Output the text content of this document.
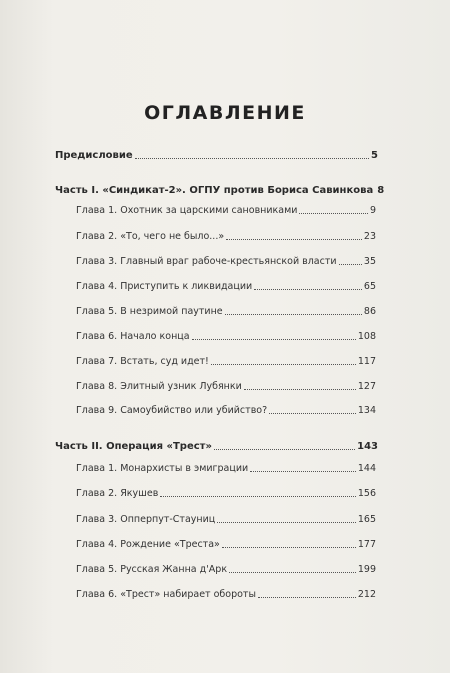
ОГЛАВЛЕНИЕ
Предисловие	5
Часть I. «Синдикат-2». ОГПУ против Бориса Савинкова 8
Глава 1. Охотник за царскими сановниками	9
Глава 2. «То, чего не было...»	23
Глава 3. Главный враг рабоче-крестьянской власти	35
Глава 4. Приступить к ликвидации	65
Глава 5. В незримой паутине	86
Глава 6. Начало конца	108
Глава 7. Встать, суд идет!	117
Глава 8. Элитный узник Лубянки	127
Глава 9. Самоубийство или убийство?	134
Часть II. Операция «Трест»	143
Глава 1. Монархисты в эмиграции	144
Глава 2. Якушев	156
Глава 3. Опперпут-Стауниц	165
Глава 4. Рождение «Треста»	177
Глава 5. Русская Жанна д'Арк	199
Глава 6. «Трест» набирает обороты	212
